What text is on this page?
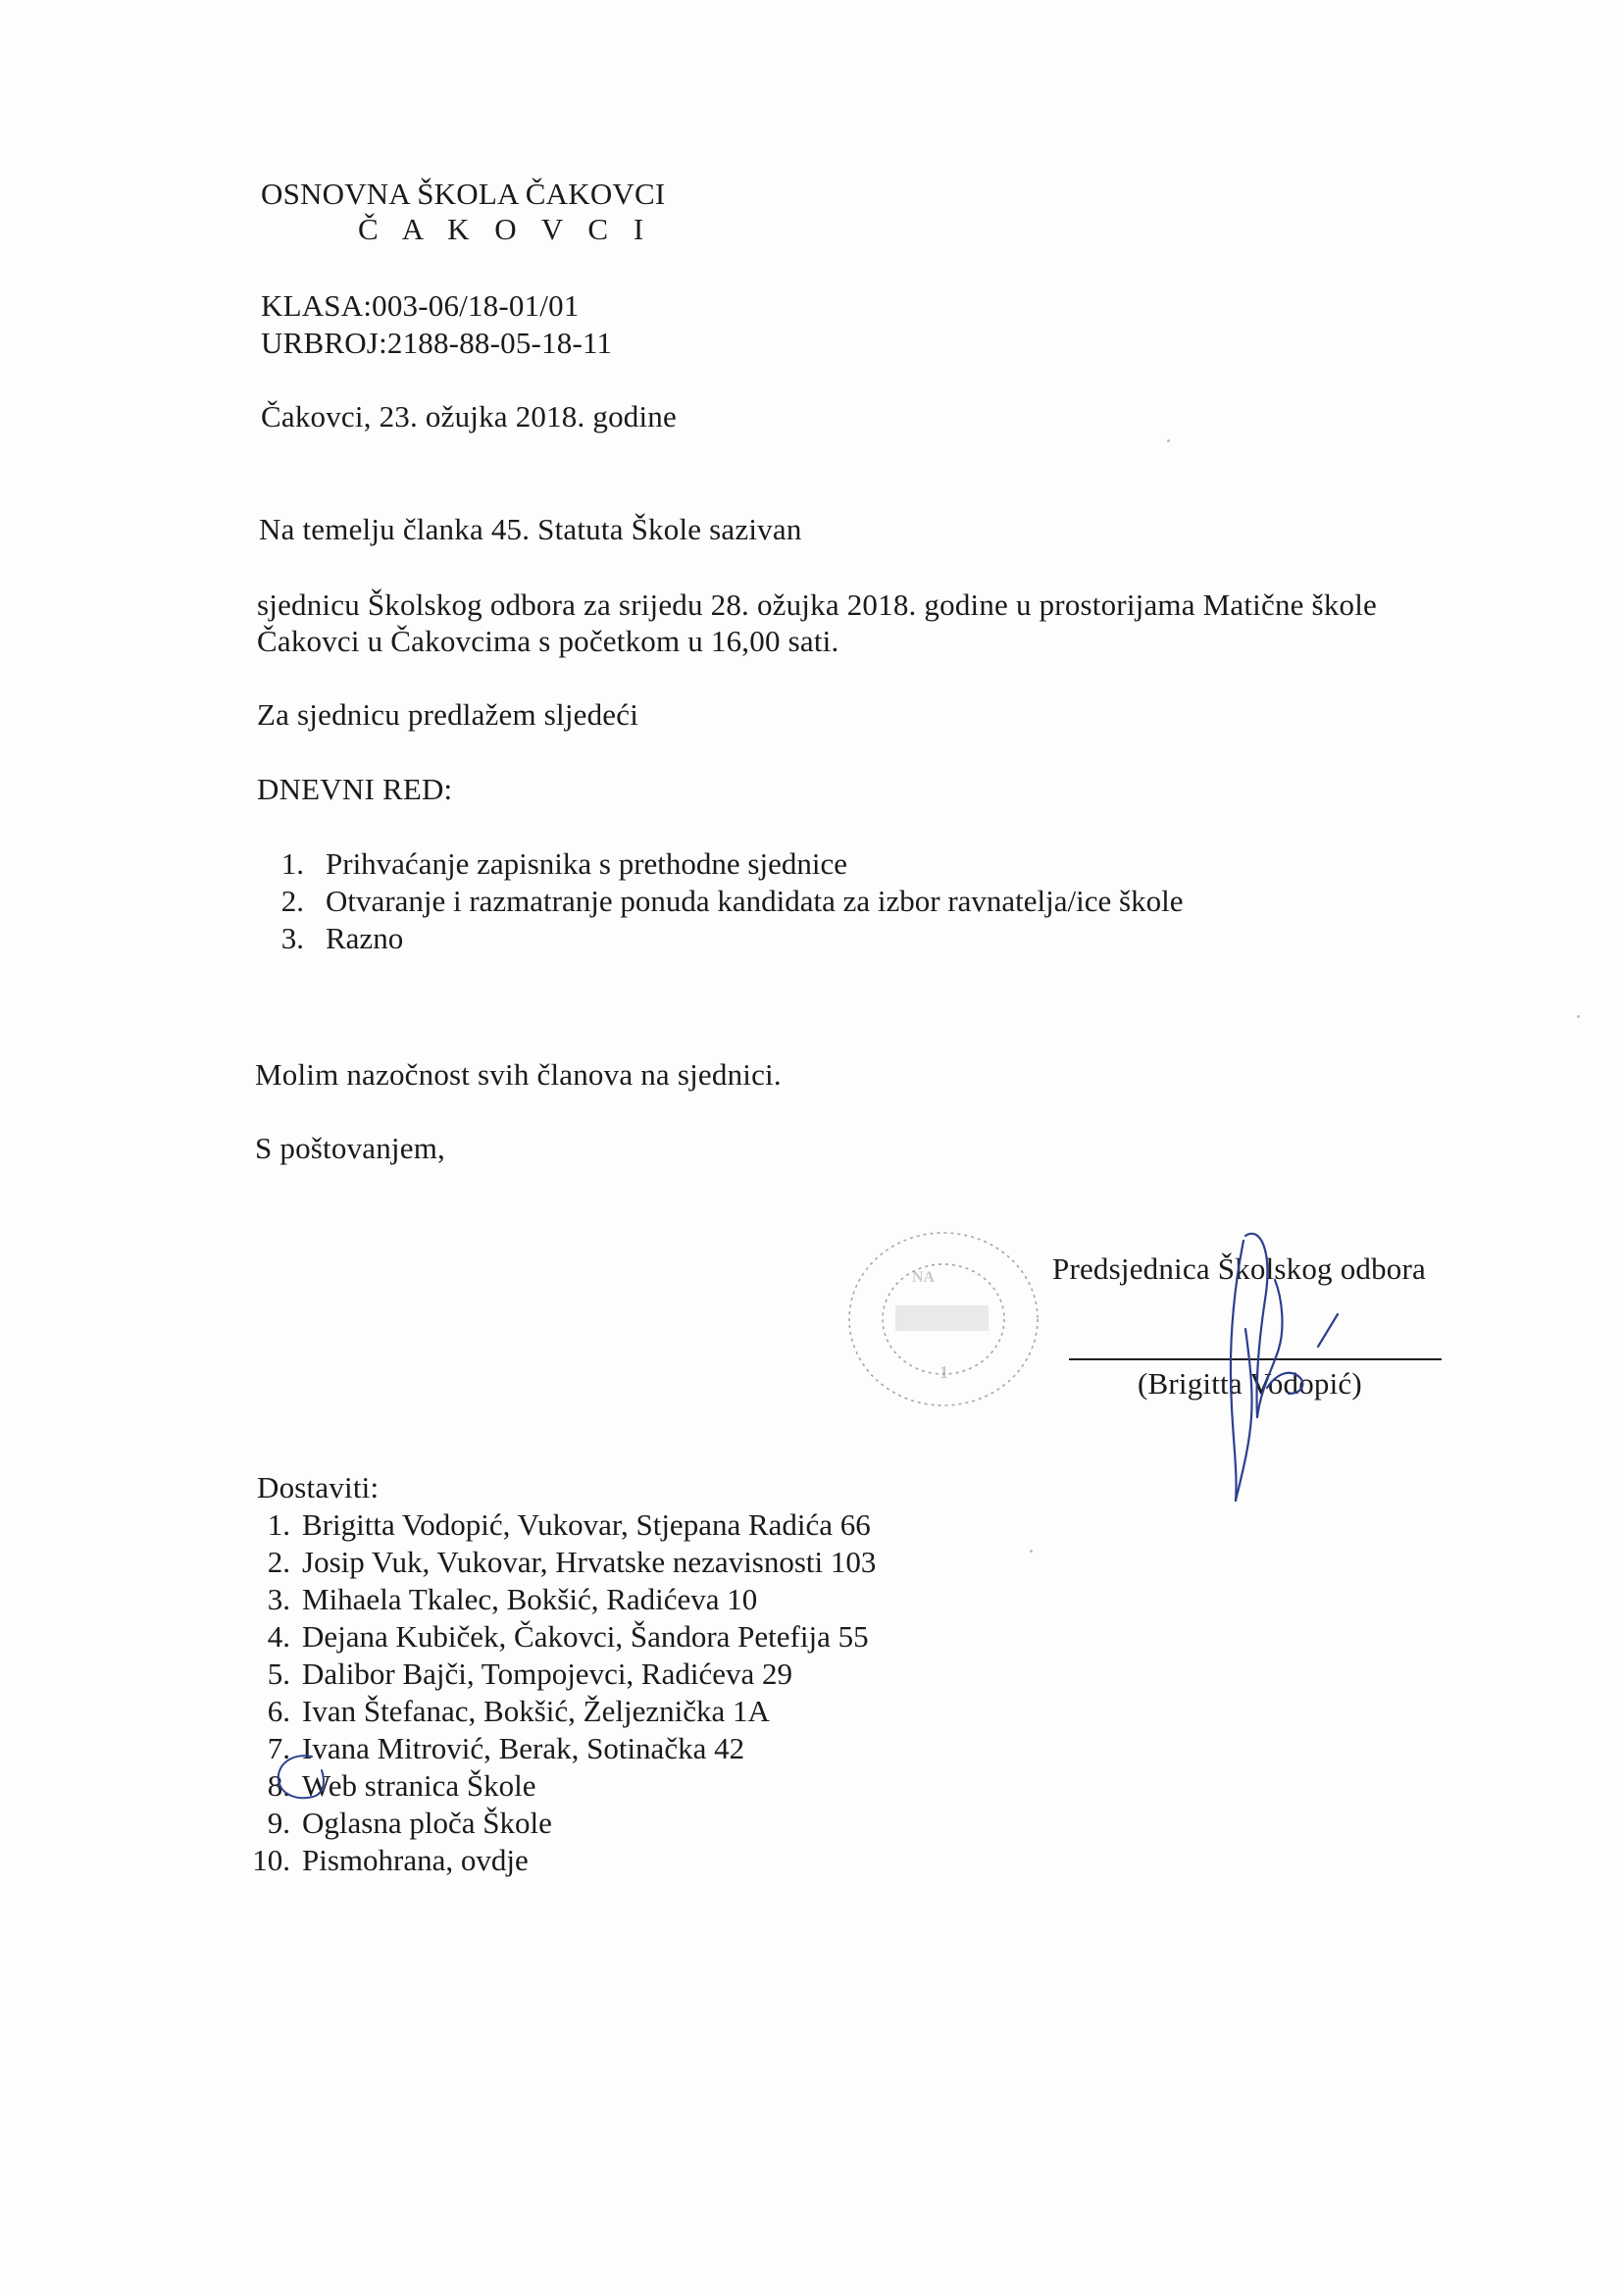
OSNOVNA ŠKOLA ČAKOVCI
Č A K O V C I
KLASA:003-06/18-01/01
URBROJ:2188-88-05-18-11
Čakovci, 23. ožujka 2018. godine
Na temelju članka 45. Statuta Škole sazivan
sjednicu Školskog odbora za srijedu 28. ožujka 2018. godine u prostorijama Matične škole
Čakovci u Čakovcima s početkom u 16,00 sati.
Za sjednicu predlažem sljedeći
DNEVNI RED:
1. Prihvaćanje zapisnika s prethodne sjednice
2. Otvaranje i razmatranje ponuda kandidata za izbor ravnatelja/ice škole
3. Razno
Molim nazočnost svih članova na sjednici.
S poštovanjem,
NA
1
Predsjednica Školskog odbora
(Brigitta Vodopić)
Dostaviti:
1. Brigitta Vodopić, Vukovar, Stjepana Radića 66
2. Josip Vuk, Vukovar, Hrvatske nezavisnosti 103
3. Mihaela Tkalec, Bokšić, Radićeva 10
4. Dejana Kubiček, Čakovci, Šandora Petefija 55
5. Dalibor Bajči, Tompojevci, Radićeva 29
6. Ivan Štefanac, Bokšić, Željeznička 1A
7. Ivana Mitrović, Berak, Sotinačka 42
8. Web stranica Škole
9. Oglasna ploča Škole
10. Pismohrana, ovdje
